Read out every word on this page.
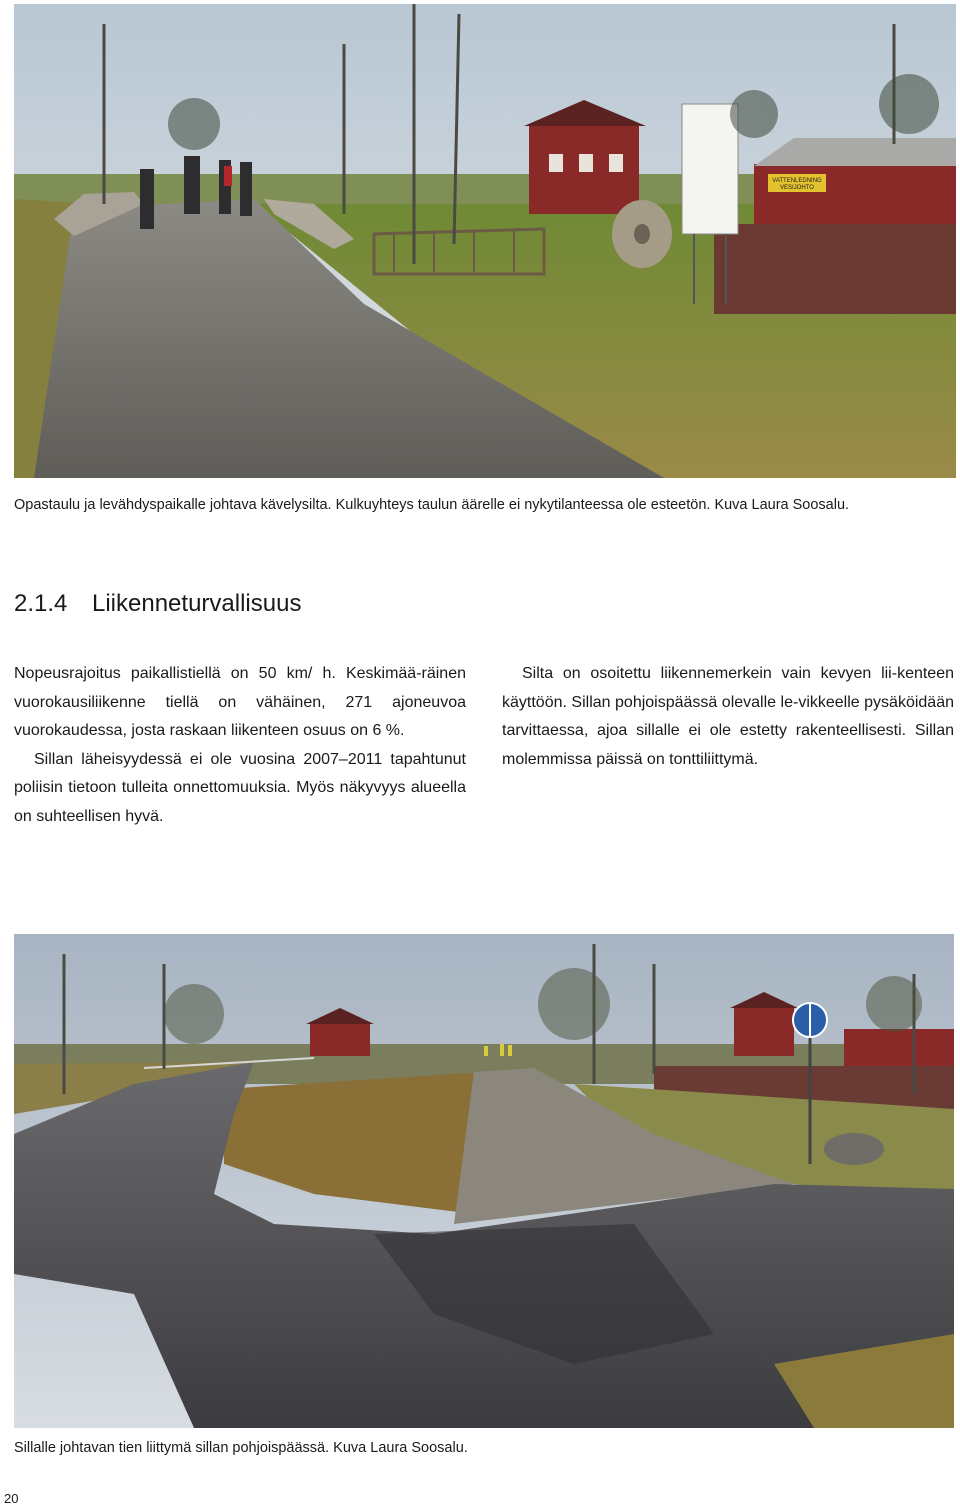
VATTENLEDNING
VESIJOHTO
Opastaulu ja levähdyspaikalle johtava kävelysilta. Kulkuyhteys taulun äärelle ei nykytilanteessa ole esteetön. Kuva Laura Soosalu.
2.1.4 Liikenneturvallisuus

Nopeusrajoitus paikallistiellä on 50 km/ h. Keskimää-räinen vuorokausiliikenne tiellä on vähäinen, 271 ajoneuvoa vuorokaudessa, josta raskaan liikenteen osuus on 6 %.

Sillan läheisyydessä ei ole vuosina 2007–2011 tapahtunut poliisin tietoon tulleita onnettomuuksia. Myös näkyvyys alueella on suhteellisen hyvä.

Silta on osoitettu liikennemerkein vain kevyen lii-kenteen käyttöön. Sillan pohjoispäässä olevalle le-vikkeelle pysäköidään tarvittaessa, ajoa sillalle ei ole estetty rakenteellisesti. Sillan molemmissa päissä on tonttiliittymä.

Sillalle johtavan tien liittymä sillan pohjoispäässä. Kuva Laura Soosalu.
20
